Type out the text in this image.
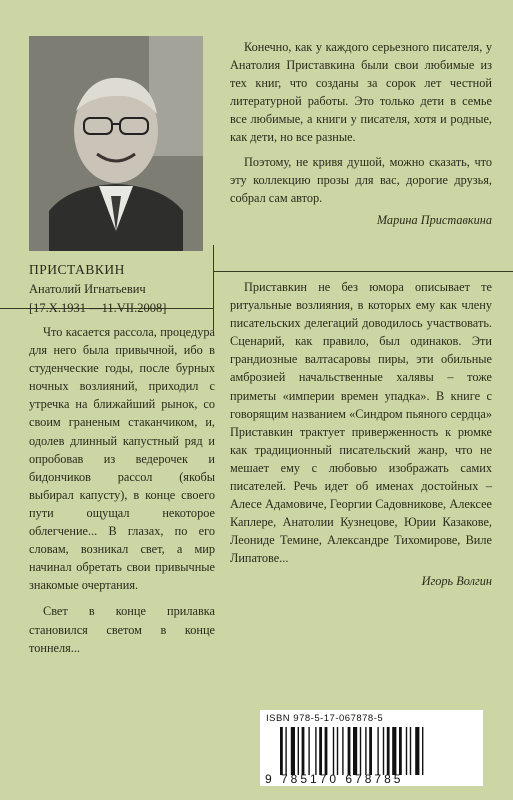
ПРИСТАВКИН
Анатолий Игнатьевич
[17.X.1931 —11.VII.2008]

Что касается рассола, процедура для него была привычной, ибо в студенческие годы, после бурных ночных возлияний, приходил с утречка на ближайший рынок, со своим граненым стаканчиком, и, одолев длинный капустный ряд и опробовав из ведерочек и бидончиков рассол (якобы выбирал капусту), в конце своего пути ощущал некоторое облегчение... В глазах, по его словам, возникал свет, а мир начинал обретать свои привычные знакомые очертания.

Свет в конце прилавка становился светом в конце тоннеля...

Конечно, как у каждого серьезного писателя, у Анатолия Приставкина были свои любимые из тех книг, что созданы за сорок лет честной литературной работы. Это только дети в семье все любимые, а книги у писателя, хотя и родные, как дети, но все разные.

Поэтому, не кривя душой, можно сказать, что эту коллекцию прозы для вас, дорогие друзья, собрал сам автор.

Марина Приставкина

Приставкин не без юмора описывает те ритуальные возлияния, в которых ему как члену писательских делегаций доводилось участвовать. Сценарий, как правило, был одинаков. Эти грандиозные валтасаровы пиры, эти обильные амброзией начальственные халявы – тоже приметы «империи времен упадка». В книге с говорящим названием «Синдром пьяного сердца» Приставкин трактует приверженность к рюмке как традиционный писательский жанр, что не мешает ему с любовью изображать самих писателей. Речь идет об именах достойных – Алесе Адамовиче, Георгии Садовникове, Алексее Каплере, Анатолии Кузнецове, Юрии Казакове, Леониде Темине, Александре Тихомирове, Виле Липатове...

Игорь Волгин

ISBN 978-5-17-067878-5
9 785170 678785
